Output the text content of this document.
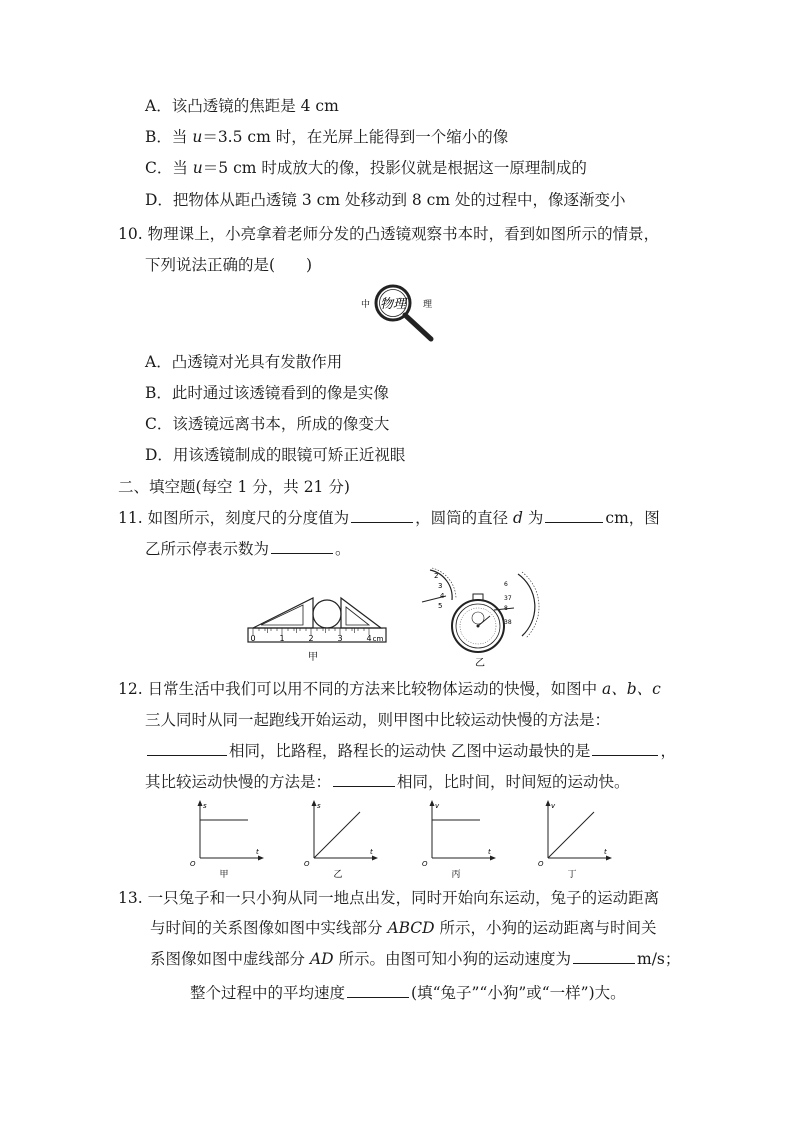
A．该凸透镜的焦距是 4 cm
B．当 u＝3.5 cm 时，在光屏上能得到一个缩小的像
C．当 u＝5 cm 时成放大的像，投影仪就是根据这一原理制成的
D．把物体从距凸透镜 3 cm 处移动到 8 cm 处的过程中，像逐渐变小
10. 物理课上，小亮拿着老师分发的凸透镜观察书本时，看到如图所示的情景，
下列说法正确的是(　　)
中 物理 理
A．凸透镜对光具有发散作用
B．此时通过该透镜看到的像是实像
C．该透镜远离书本，所成的像变大
D．用该透镜制成的眼镜可矫正近视眼
二、填空题(每空 1 分，共 21 分)
11. 如图所示，刻度尺的分度值为	，圆筒的直径 d 为	cm，图
乙所示停表示数为	。
0	1	2	3	4 cm
甲
2
3
4
5
6
37
38
乙
12. 日常生活中我们可以用不同的方法来比较物体运动的快慢，如图中 a、b、c
三人同时从同一起跑线开始运动，则甲图中比较运动快慢的方法是：
相同，比路程，路程长的运动快 乙图中运动最快的是	，
其比较运动快慢的方法是：	相同，比时间，时间短的运动快。
s
t
O
甲
s
t
O
乙
v
t
O
丙
v
t
O
丁
13. 一只兔子和一只小狗从同一地点出发，同时开始向东运动，兔子的运动距离
与时间的关系图像如图中实线部分 ABCD 所示，小狗的运动距离与时间关
系图像如图中虚线部分 AD 所示。由图可知小狗的运动速度为	m/s；
整个过程中的平均速度	(填“兔子”“小狗”或“一样”)大。
